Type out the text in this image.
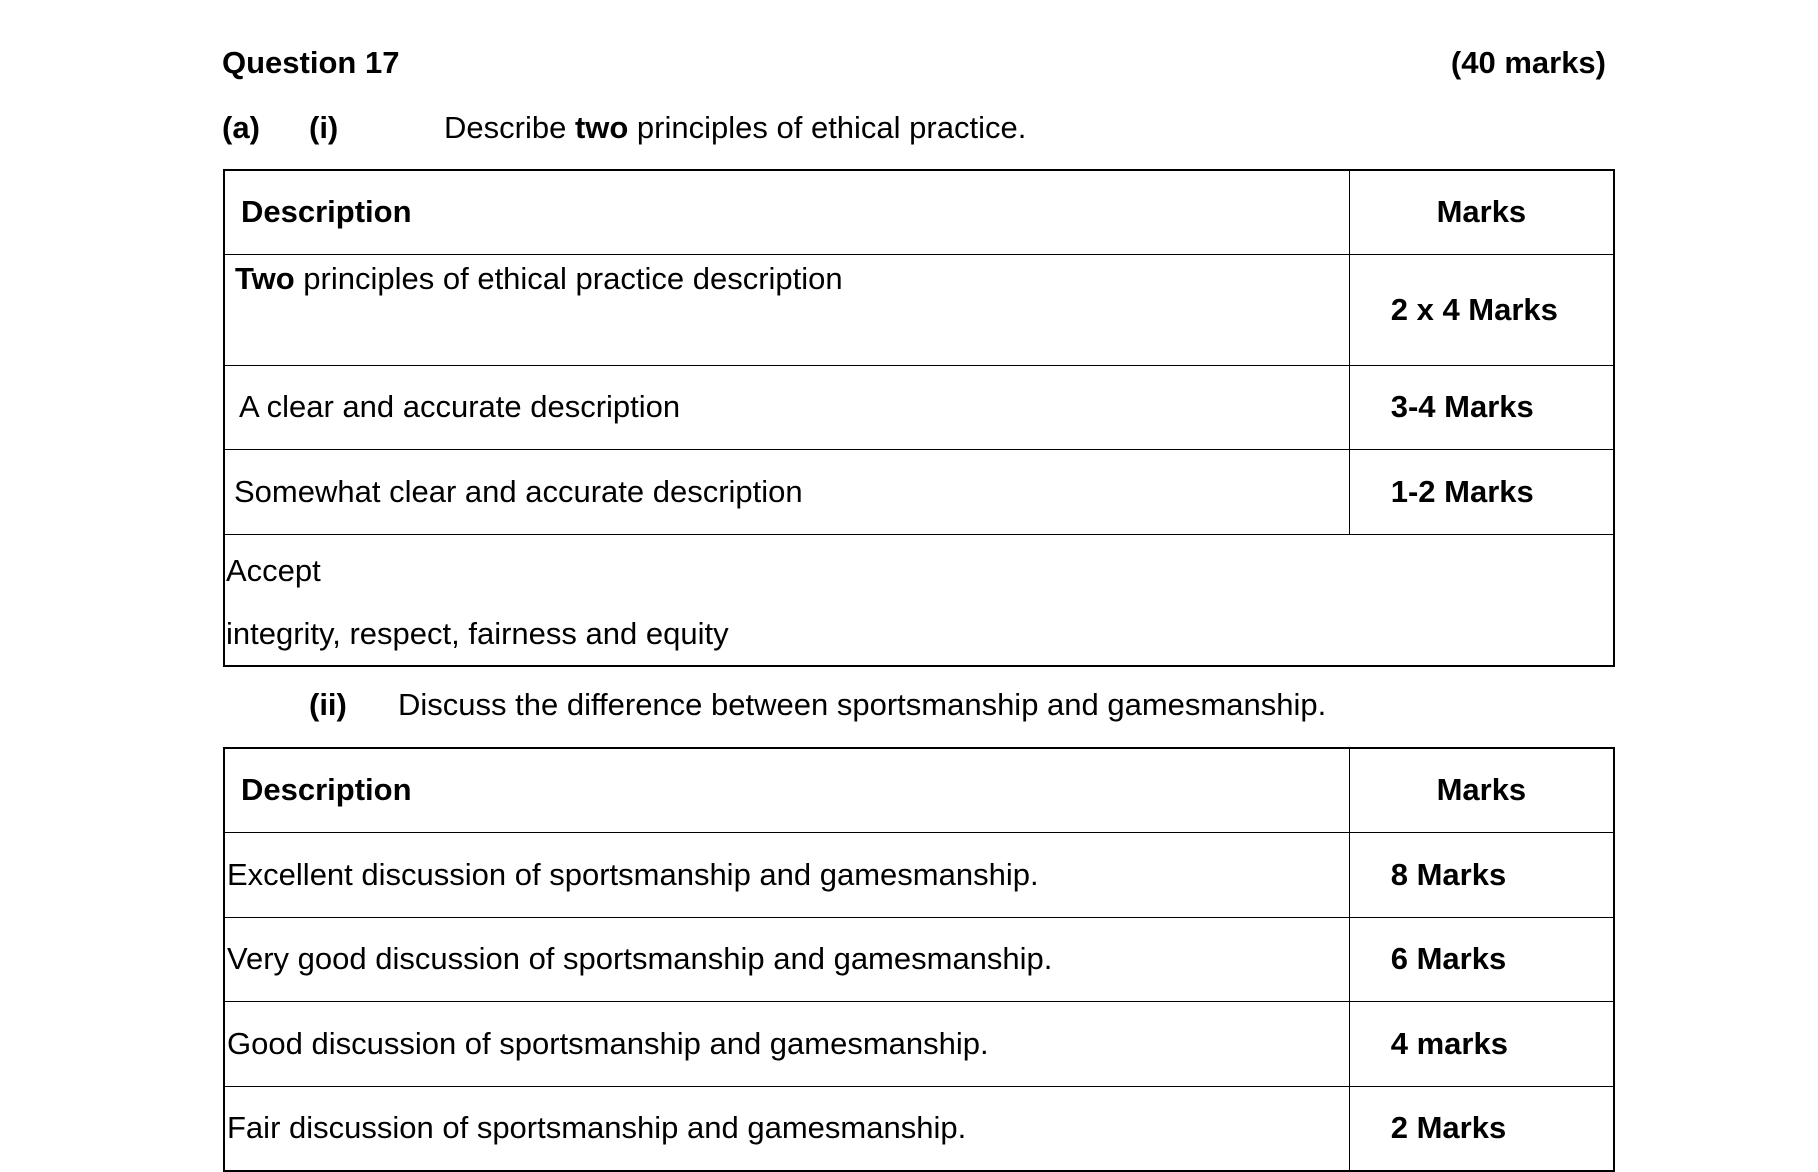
Question 17	(40 marks)
(a) (i)	Describe two principles of ethical practice.
Description	Marks
Two principles of ethical practice description	2 x 4 Marks
A clear and accurate description	3-4 Marks
Somewhat clear and accurate description	1-2 Marks

Accept
integrity, respect, fairness and equity	
(ii) Discuss the difference between sportsmanship and gamesmanship.
Description	Marks
Excellent discussion of sportsmanship and gamesmanship.	8 Marks
Very good discussion of sportsmanship and gamesmanship.	6 Marks
Good discussion of sportsmanship and gamesmanship.	4 marks
Fair discussion of sportsmanship and gamesmanship.	2 Marks
